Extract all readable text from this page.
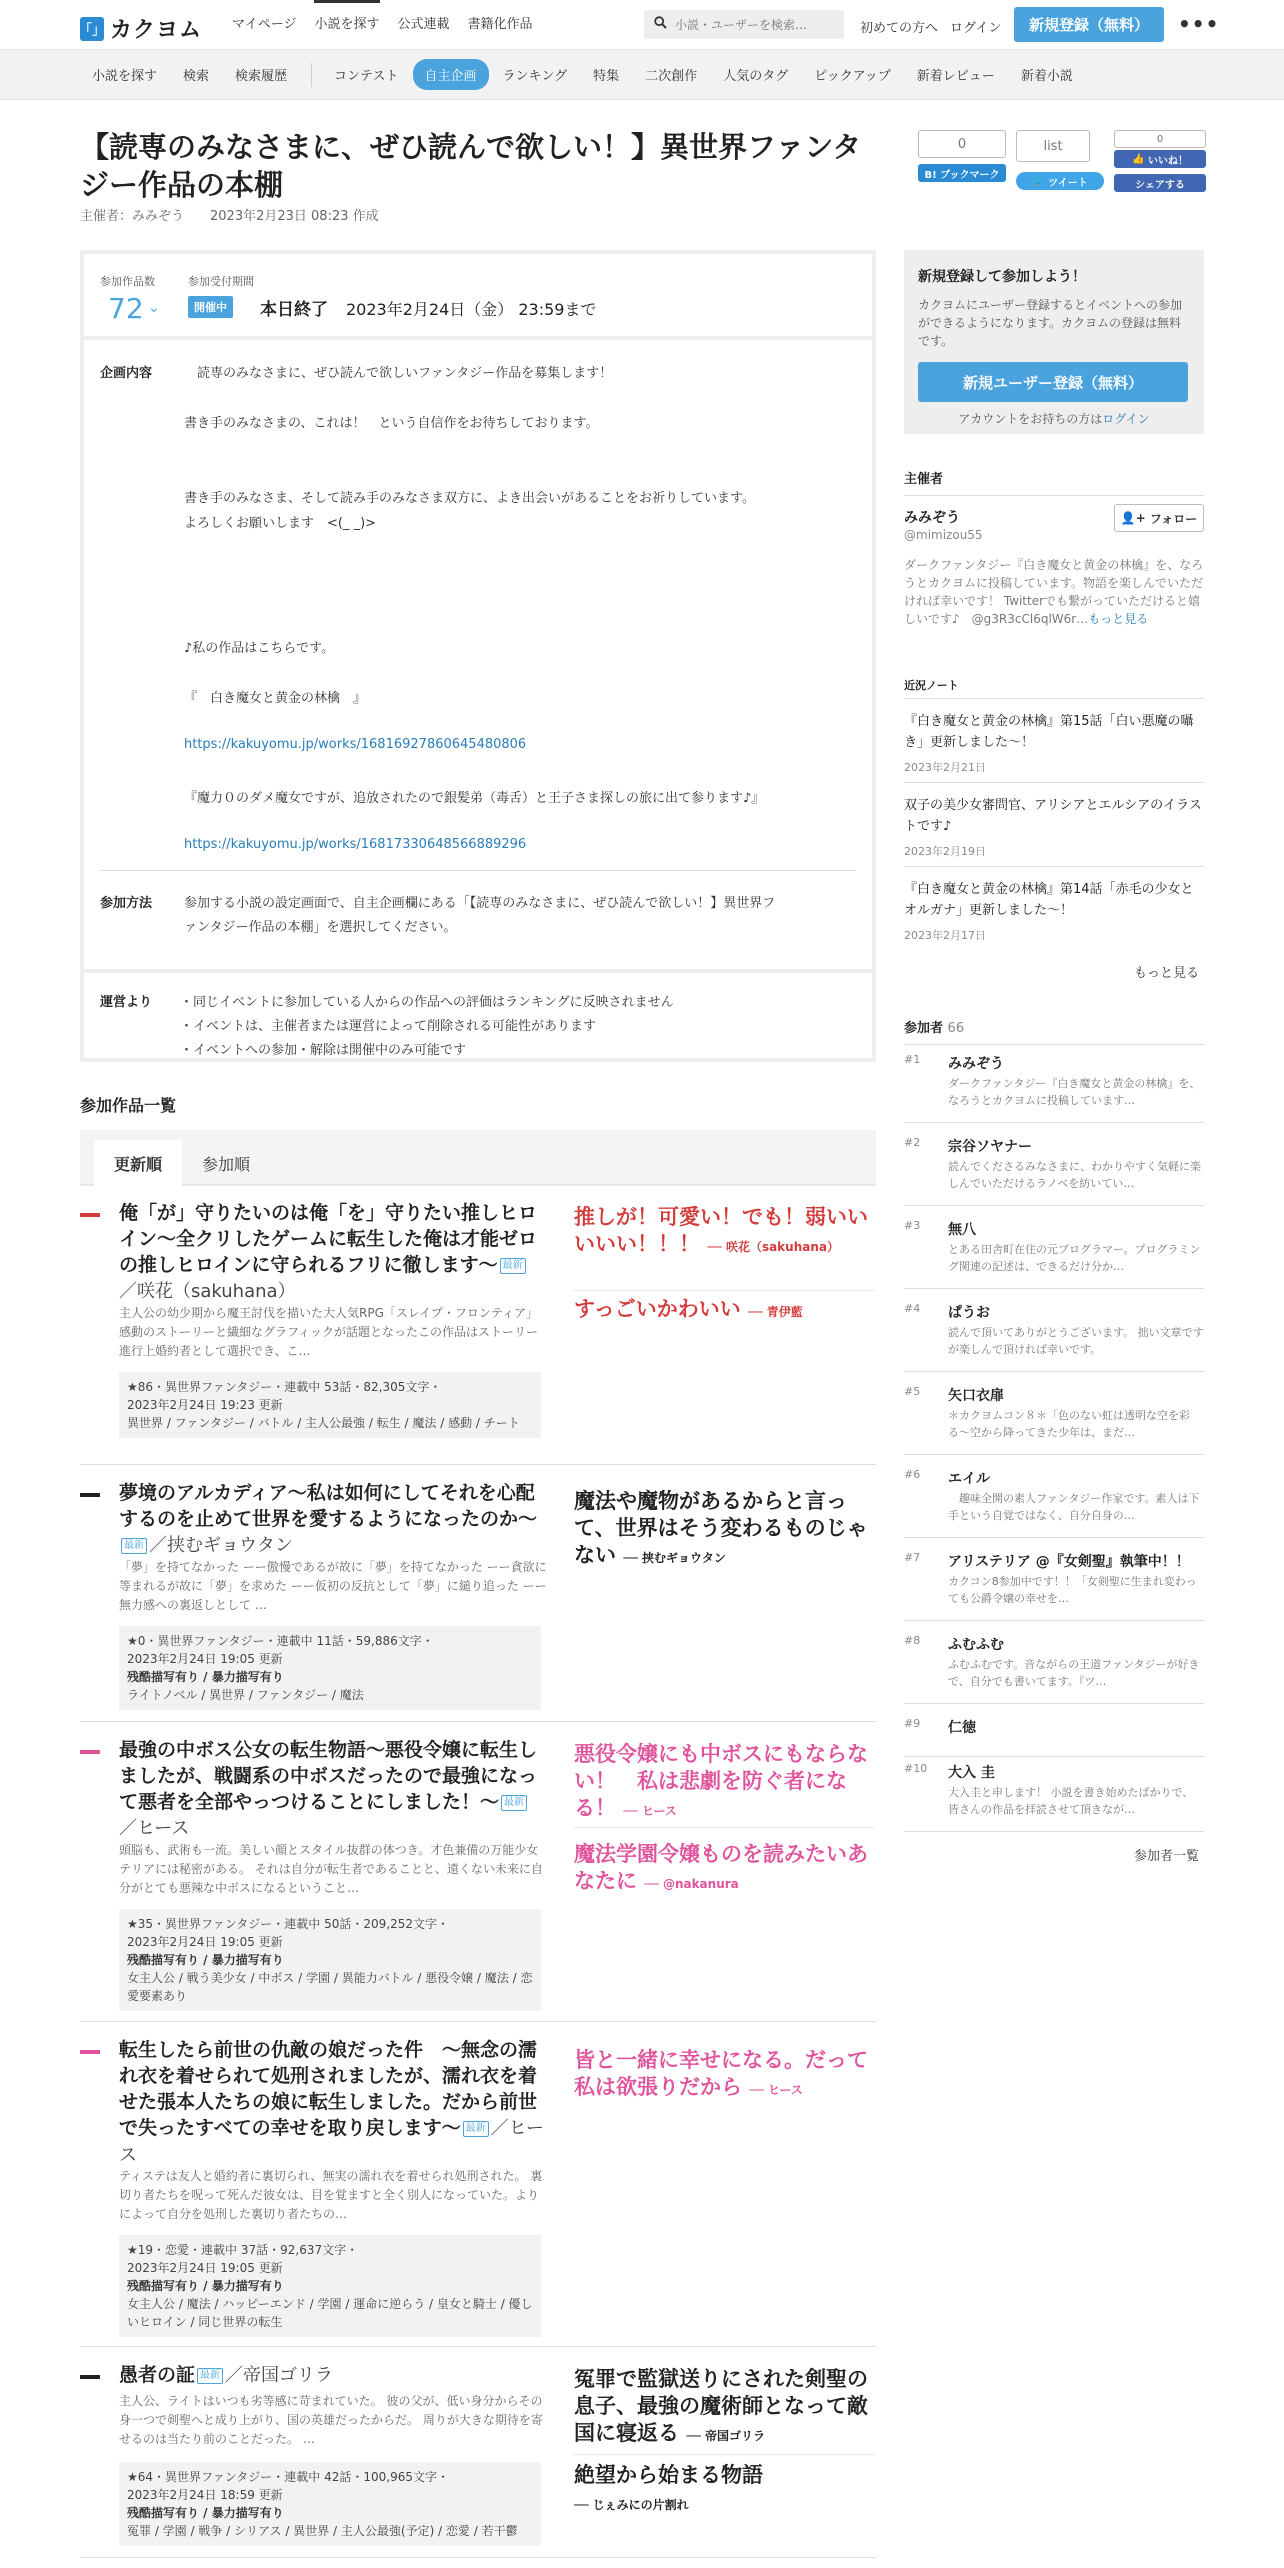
「」 カクヨム マイページ 小説を探す 公式連載 書籍化作品
小説・ユーザーを検索…	初めての方へ ログイン	新規登録（無料）	•••
小説を探す	検索	検索履歴	コンテスト	自主企画	ランキング	特集	二次創作	人気のタグ	ピックアップ	新着レビュー	新着小説
【読専のみなさまに、ぜひ読んで欲しい！】異世界ファンタジー作品の本棚
主催者：みみぞう　　2023年2月23日 08:23 作成
0
B! ブックマーク
list
🐦 ツイート
0
👍 いいね！
シェアする
参加作品数
72 ⌄
参加受付期間
開催中	本日終了 2023年2月24日（金） 23:59まで
企画内容 　読専のみなさまに、ぜひ読んで欲しいファンタジー作品を募集します！
書き手のみなさまの、これは！　という自信作をお待ちしております。
書き手のみなさま、そして読み手のみなさま双方に、よき出会いがあることをお祈りしています。
よろしくお願いします　<(_ _)>
♪私の作品はこちらです。
『　白き魔女と黄金の林檎　』
https://kakuyomu.jp/works/16816927860645480806
『魔力０のダメ魔女ですが、追放されたので銀髪弟（毒舌）と王子さま探しの旅に出て参ります♪』
https://kakuyomu.jp/works/16817330648566889296
参加方法 参加する小説の設定画面で、自主企画欄にある「【読専のみなさまに、ぜひ読んで欲しい！】異世界フ
ァンタジー作品の本棚」を選択してください。
運営より ・同じイベントに参加している人からの作品への評価はランキングに反映されません
・イベントは、主催者または運営によって削除される可能性があります
・イベントへの参加・解除は開催中のみ可能です
参加作品一覧
更新順	参加順
俺「が」守りたいのは俺「を」守りたい推しヒロイン〜全クリしたゲームに転生した俺は才能ゼロの推しヒロインに守られるフリに徹します〜 最新
／咲花（sakuhana）
主人公の幼少期から魔王討伐を描いた大人気RPG「スレイプ・フロンティア」 感動のストーリーと繊細なグラフィックが話題となったこの作品はストーリー進行上婚約者として選択でき、こ…
★86・異世界ファンタジー・連載中 53話・82,305文字・
2023年2月24日 19:23 更新
異世界 / ファンタジー / バトル / 主人公最強 / 転生 / 魔法 / 感動 / チート
推しが！可愛い！でも！弱いいいいい！！！ ── 咲花（sakuhana）
すっごいかわいい ── 青伊藍
夢境のアルカディア〜私は如何にしてそれを心配するのを止めて世界を愛するようになったのか〜
最新 ／挟むギョウタン
「夢」を持てなかった ーー傲慢であるが故に「夢」を持てなかった ーー貪欲に等まれるが故に「夢」を求めた ーー仮初の反抗として「夢」に縋り追った ーー無力感への裏返しとして …
★0・異世界ファンタジー・連載中 11話・59,886文字・
2023年2月24日 19:05 更新
残酷描写有り / 暴力描写有り
ライトノベル / 異世界 / ファンタジー / 魔法
魔法や魔物があるからと言って、世界はそう変わるものじゃない ── 挟むギョウタン
最強の中ボス公女の転生物語〜悪役令嬢に転生しましたが、戦闘系の中ボスだったので最強になって悪者を全部やっつけることにしました！〜 最新
／ヒース
頭脳も、武術も一流。美しい顔とスタイル抜群の体つき。才色兼備の万能少女テリアには秘密がある。 それは自分が転生者であることと、遠くない未来に自分がとても悪辣な中ボスになるということ…
★35・異世界ファンタジー・連載中 50話・209,252文字・
2023年2月24日 19:05 更新
残酷描写有り / 暴力描写有り
女主人公 / 戦う美少女 / 中ボス / 学園 / 異能力バトル / 悪役令嬢 / 魔法 / 恋愛要素あり
悪役令嬢にも中ボスにもならない！　私は悲劇を防ぐ者になる！ ── ヒース
魔法学園令嬢ものを読みたいあなたに ── @nakanura
転生したら前世の仇敵の娘だった件　〜無念の濡れ衣を着せられて処刑されましたが、濡れ衣を着せた張本人たちの娘に転生しました。だから前世で失ったすべての幸せを取り戻します〜 最新 ／ヒース
ティステは友人と婚約者に裏切られ、無実の濡れ衣を着せられ処刑された。 裏切り者たちを呪って死んだ彼女は、目を覚ますと全く別人になっていた。よりによって自分を処刑した裏切り者たちの…
★19・恋愛・連載中 37話・92,637文字・
2023年2月24日 19:05 更新
残酷描写有り / 暴力描写有り
女主人公 / 魔法 / ハッピーエンド / 学園 / 運命に逆らう / 皇女と騎士 / 優しいヒロイン / 同じ世界の転生
皆と一緒に幸せになる。だって私は欲張りだから ── ヒース
愚者の証 最新 ／帝国ゴリラ
主人公、ライトはいつも劣等感に苛まれていた。 彼の父が、低い身分からその身一つで剣聖へと成り上がり、国の英雄だったからだ。 周りが大きな期待を寄せるのは当たり前のことだった。 …
★64・異世界ファンタジー・連載中 42話・100,965文字・
2023年2月24日 18:59 更新
残酷描写有り / 暴力描写有り
冤罪 / 学園 / 戦争 / シリアス / 異世界 / 主人公最強(予定) / 恋愛 / 若干鬱
冤罪で監獄送りにされた剣聖の息子、最強の魔術師となって敵国に寝返る ── 帝国ゴリラ
絶望から始まる物語
── じぇみにの片割れ
新規登録して参加しよう！
カクヨムにユーザー登録するとイベントへの参加ができるようになります。カクヨムの登録は無料です。
新規ユーザー登録（無料）
アカウントをお持ちの方はログイン
主催者
みみぞう
@mimizou55
👤+ フォロー
ダークファンタジー『白き魔女と黄金の林檎』を、なろうとカクヨムに投稿しています。物語を楽しんでいただければ幸いです！ Twitterでも繋がっていただけると嬉しいです♪　@g3R3cCl6qlW6r…もっと見る
近況ノート
『白き魔女と黄金の林檎』第15話「白い悪魔の囁き」更新しました〜！
2023年2月21日
双子の美少女審問官、アリシアとエルシアのイラストです♪
2023年2月19日
『白き魔女と黄金の林檎』第14話「赤毛の少女とオルガナ」更新しました〜！
2023年2月17日
もっと見る
参加者 66
#1 みみぞう
ダークファンタジー『白き魔女と黄金の林檎』を、なろうとカクヨムに投稿しています…
#2 宗谷ソヤナー
読んでくださるみなさまに、わかりやすく気軽に楽しんでいただけるラノベを紡いてい…
#3 無八
とある田舎町在住の元プログラマー。プログラミング関連の記述は、できるだけ分か…
#4 ぱうお
読んで頂いてありがとうございます。 拙い文章ですが楽しんで頂ければ幸いです。
#5 矢口衣扉
＊カクヨムコン８＊「色のない虹は透明な空を彩る〜空から降ってきた少年は、まだ…
#6 エイル
　趣味全開の素人ファンタジー作家です。素人は下手という自覚ではなく、自分自身の…
#7 アリステリア @『女剣聖』執筆中！！
カクコン8参加中です！！「女剣聖に生まれ変わっても公爵令嬢の幸せを…
#8 ふむふむ
ふむふむです。音ながらの王道ファンタジーが好きで、自分でも書いてます。『ツ…
#9 仁徳
#10 大入 圭
大入圭と申します！ 小説を書き始めたばかりで、皆さんの作品を拝読させて頂きなが…
参加者一覧
